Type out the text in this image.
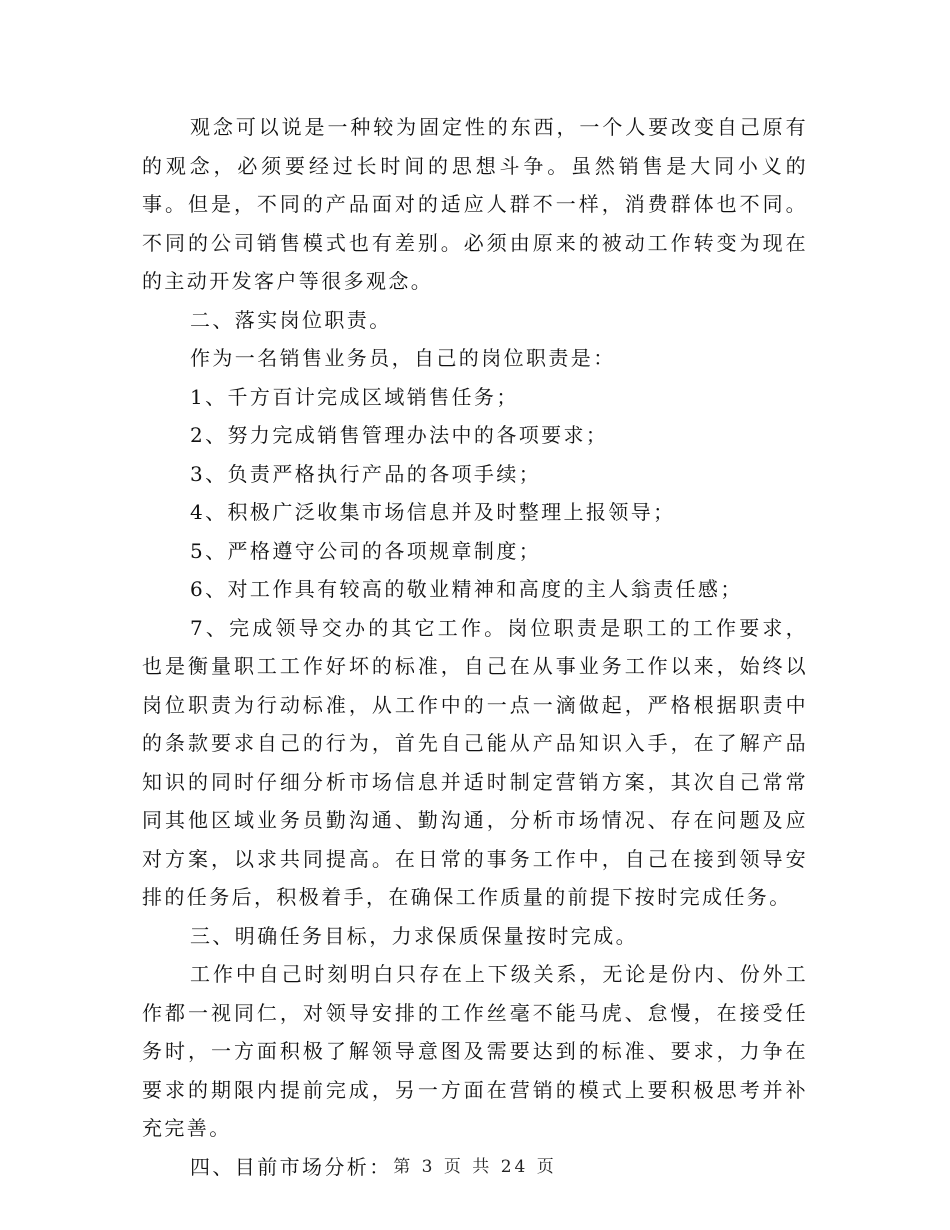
观念可以说是一种较为固定性的东西，一个人要改变自己原有的观念，必须要经过长时间的思想斗争。虽然销售是大同小义的事。但是，不同的产品面对的适应人群不一样，消费群体也不同。不同的公司销售模式也有差别。必须由原来的被动工作转变为现在的主动开发客户等很多观念。

二、落实岗位职责。

作为一名销售业务员，自己的岗位职责是：

1、千方百计完成区域销售任务；

2、努力完成销售管理办法中的各项要求；

3、负责严格执行产品的各项手续；

4、积极广泛收集市场信息并及时整理上报领导；

5、严格遵守公司的各项规章制度；

6、对工作具有较高的敬业精神和高度的主人翁责任感；

7、完成领导交办的其它工作。岗位职责是职工的工作要求，也是衡量职工工作好坏的标准，自己在从事业务工作以来，始终以岗位职责为行动标准，从工作中的一点一滴做起，严格根据职责中的条款要求自己的行为，首先自己能从产品知识入手，在了解产品知识的同时仔细分析市场信息并适时制定营销方案，其次自己常常同其他区域业务员勤沟通、勤沟通，分析市场情况、存在问题及应对方案，以求共同提高。在日常的事务工作中，自己在接到领导安排的任务后，积极着手，在确保工作质量的前提下按时完成任务。

三、明确任务目标，力求保质保量按时完成。

工作中自己时刻明白只存在上下级关系，无论是份内、份外工作都一视同仁，对领导安排的工作丝毫不能马虎、怠慢，在接受任务时，一方面积极了解领导意图及需要达到的标准、要求，力争在要求的期限内提前完成，另一方面在营销的模式上要积极思考并补充完善。

四、目前市场分析： 第 3 页 共 24 页
